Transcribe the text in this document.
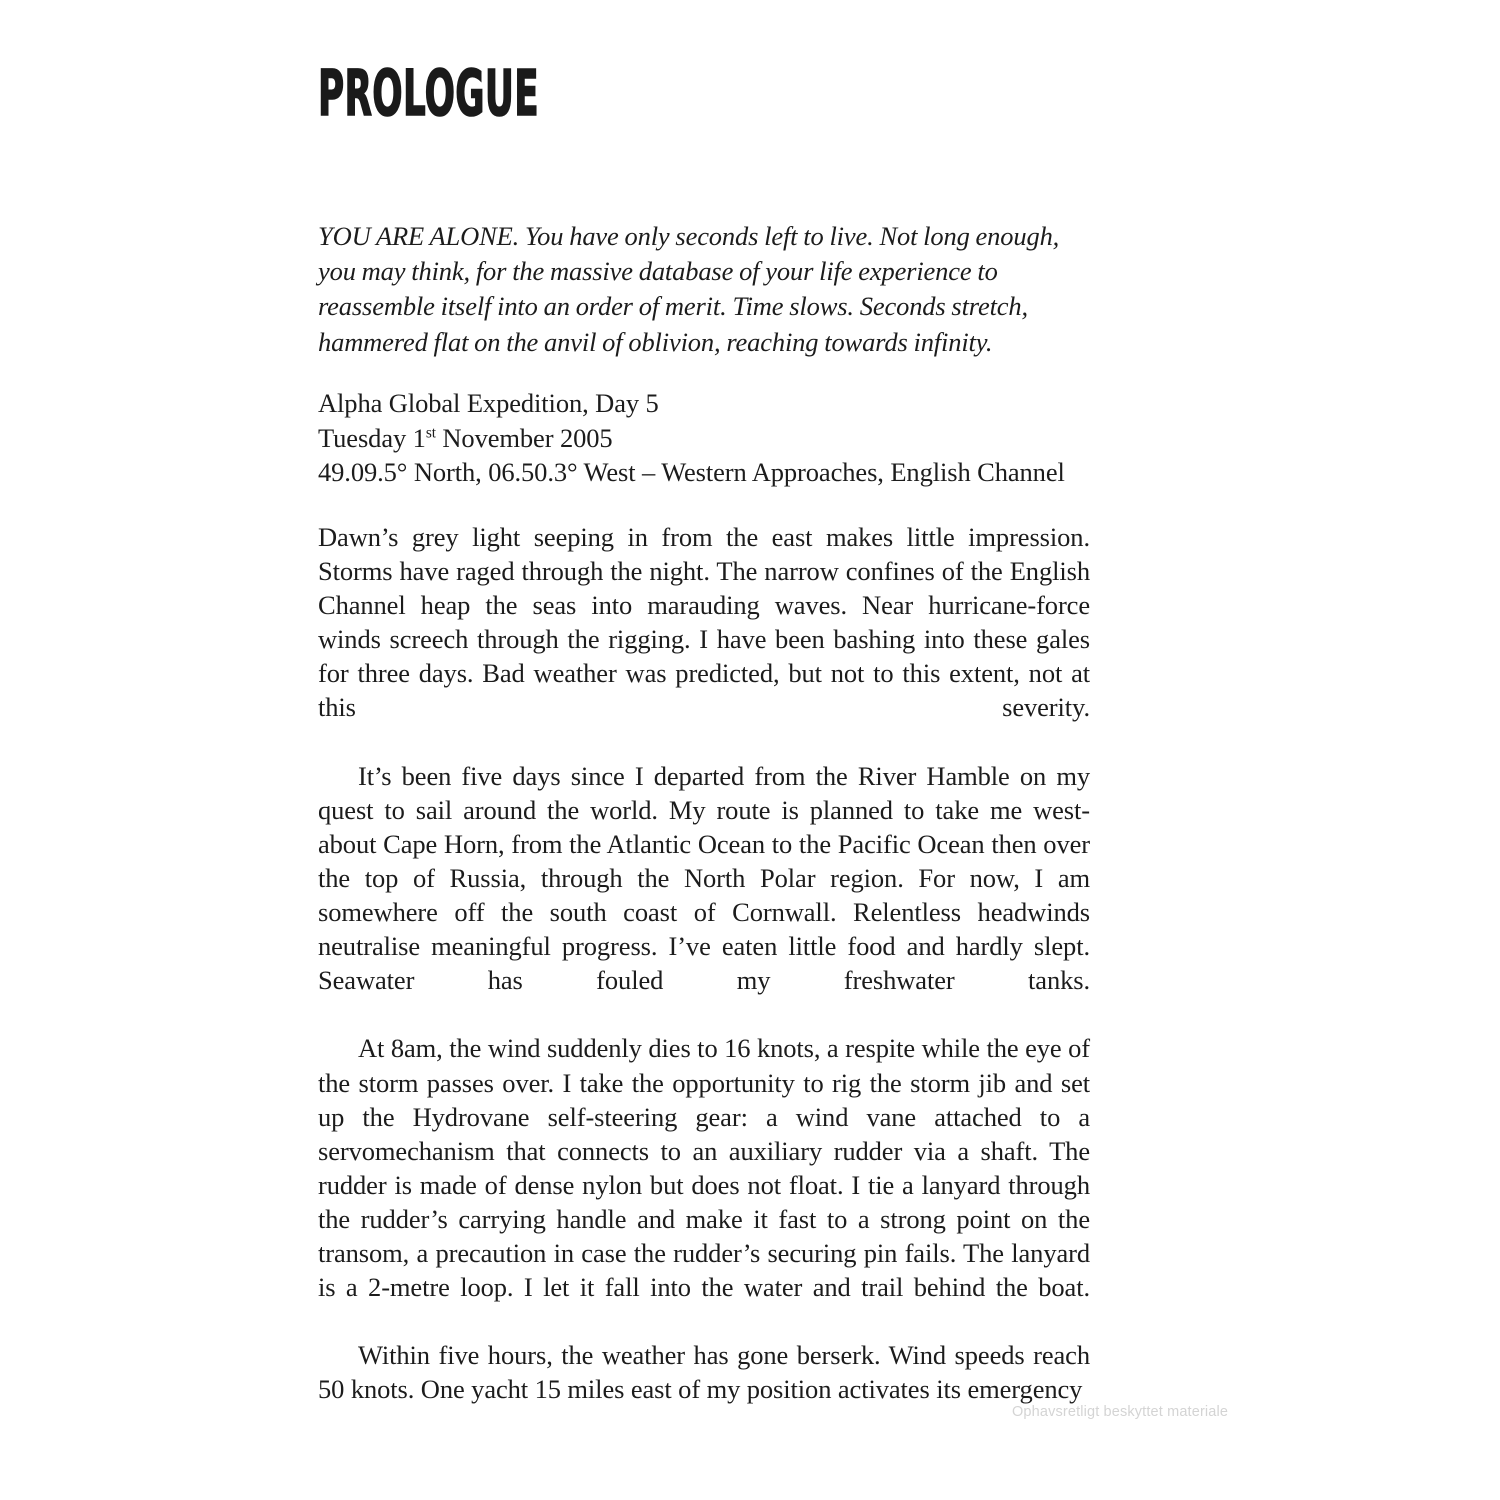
PROLOGUE

YOU ARE ALONE. You have only seconds left to live. Not long enough, you may think, for the massive database of your life experience to reassemble itself into an order of merit. Time slows. Seconds stretch, hammered flat on the anvil of oblivion, reaching towards infinity.

Alpha Global Expedition, Day 5
Tuesday 1st November 2005
49.09.5° North, 06.50.3° West – Western Approaches, English Channel

Dawn’s grey light seeping in from the east makes little impression. Storms have raged through the night. The narrow confines of the English Channel heap the seas into marauding waves. Near hurricane-force winds screech through the rigging. I have been bashing into these gales for three days. Bad weather was predicted, but not to this extent, not at this severity.

It’s been five days since I departed from the River Hamble on my quest to sail around the world. My route is planned to take me west-about Cape Horn, from the Atlantic Ocean to the Pacific Ocean then over the top of Russia, through the North Polar region. For now, I am somewhere off the south coast of Cornwall. Relentless headwinds neutralise meaningful progress. I’ve eaten little food and hardly slept. Seawater has fouled my freshwater tanks.

At 8am, the wind suddenly dies to 16 knots, a respite while the eye of the storm passes over. I take the opportunity to rig the storm jib and set up the Hydrovane self-steering gear: a wind vane attached to a servomechanism that connects to an auxiliary rudder via a shaft. The rudder is made of dense nylon but does not float. I tie a lanyard through the rudder’s carrying handle and make it fast to a strong point on the transom, a precaution in case the rudder’s securing pin fails. The lanyard is a 2-metre loop. I let it fall into the water and trail behind the boat.

Within five hours, the weather has gone berserk. Wind speeds reach 50 knots. One yacht 15 miles east of my position activates its emergency

Ophavsretligt beskyttet materiale
